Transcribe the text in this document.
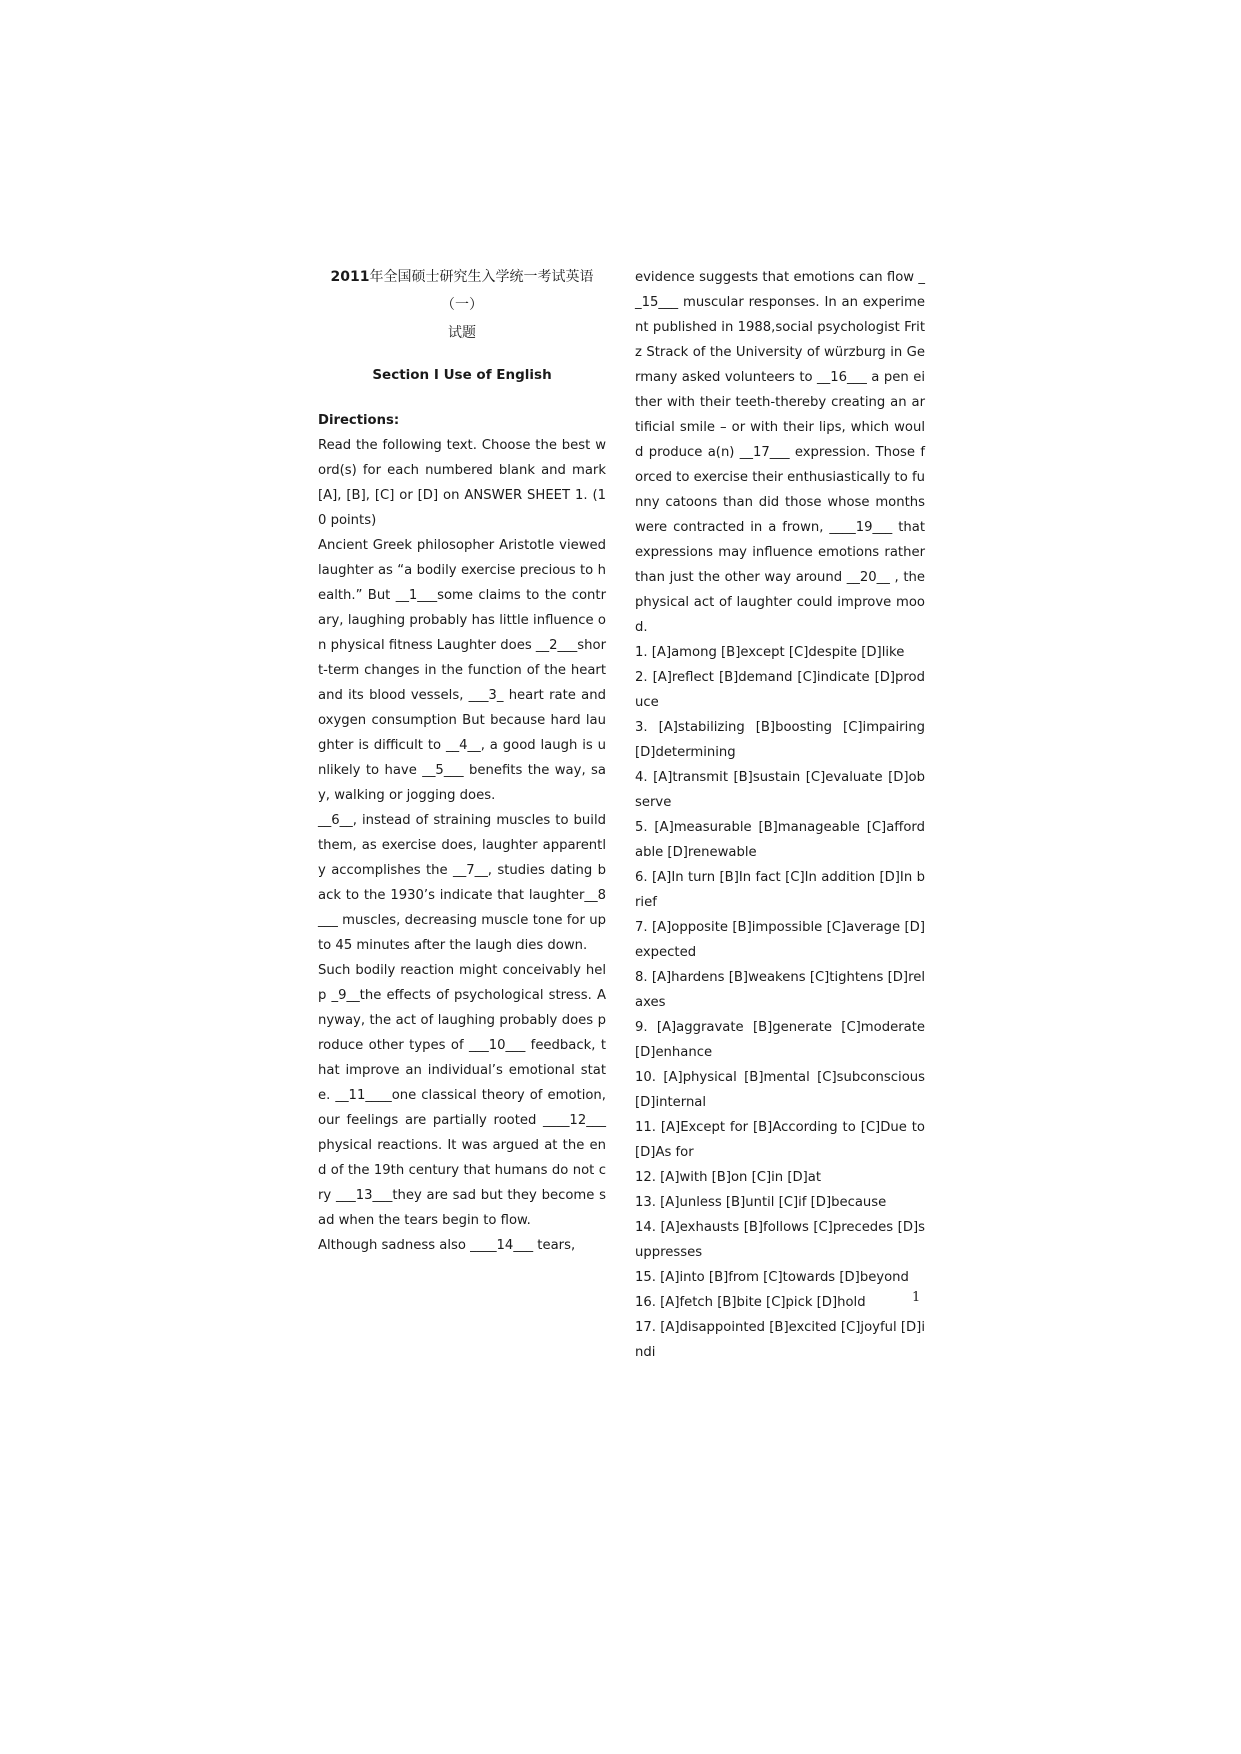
2011年全国硕士研究生入学统一考试英语（一）

试题

Section I Use of English

Directions:

Read the following text. Choose the best word(s) for each numbered blank and mark [A], [B], [C] or [D] on ANSWER SHEET 1. (10 points)

Ancient Greek philosopher Aristotle viewed laughter as “a bodily exercise precious to health.” But __1___some claims to the contrary, laughing probably has little influence on physical fitness Laughter does __2___short-term changes in the function of the heart and its blood vessels, ___3_ heart rate and oxygen consumption But because hard laughter is difficult to __4__, a good laugh is unlikely to have __5___ benefits the way, say, walking or jogging does.

__6__, instead of straining muscles to build them, as exercise does, laughter apparently accomplishes the __7__, studies dating back to the 1930’s indicate that laughter__8___ muscles, decreasing muscle tone for up to 45 minutes after the laugh dies down.

Such bodily reaction might conceivably help _9__the effects of psychological stress. Anyway, the act of laughing probably does produce other types of ___10___ feedback, that improve an individual’s emotional state. __11____one classical theory of emotion, our feelings are partially rooted ____12___ physical reactions. It was argued at the end of the 19th century that humans do not cry ___13___they are sad but they become sad when the tears begin to flow.

Although sadness also ____14___ tears,

evidence suggests that emotions can flow __15___ muscular responses. In an experiment published in 1988,social psychologist Fritz Strack of the University of würzburg in Germany asked volunteers to __16___ a pen either with their teeth-thereby creating an artificial smile – or with their lips, which would produce a(n) __17___ expression. Those forced to exercise their enthusiastically to funny catoons than did those whose months were contracted in a frown, ____19___ that expressions may influence emotions rather than just the other way around __20__ , the physical act of laughter could improve mood.

1. [A]among [B]except [C]despite [D]like

2. [A]reflect [B]demand [C]indicate [D]produce

3. [A]stabilizing [B]boosting [C]impairing [D]determining

4. [A]transmit [B]sustain [C]evaluate [D]observe

5. [A]measurable [B]manageable [C]affordable [D]renewable

6. [A]In turn [B]In fact [C]In addition [D]In brief

7. [A]opposite [B]impossible [C]average [D]expected

8. [A]hardens [B]weakens [C]tightens [D]relaxes

9. [A]aggravate [B]generate [C]moderate [D]enhance

10. [A]physical [B]mental [C]subconscious [D]internal

11. [A]Except for [B]According to [C]Due to [D]As for

12. [A]with [B]on [C]in [D]at

13. [A]unless [B]until [C]if [D]because

14. [A]exhausts [B]follows [C]precedes [D]suppresses

15. [A]into [B]from [C]towards [D]beyond

16. [A]fetch [B]bite [C]pick [D]hold

17. [A]disappointed [B]excited [C]joyful [D]indi

1
